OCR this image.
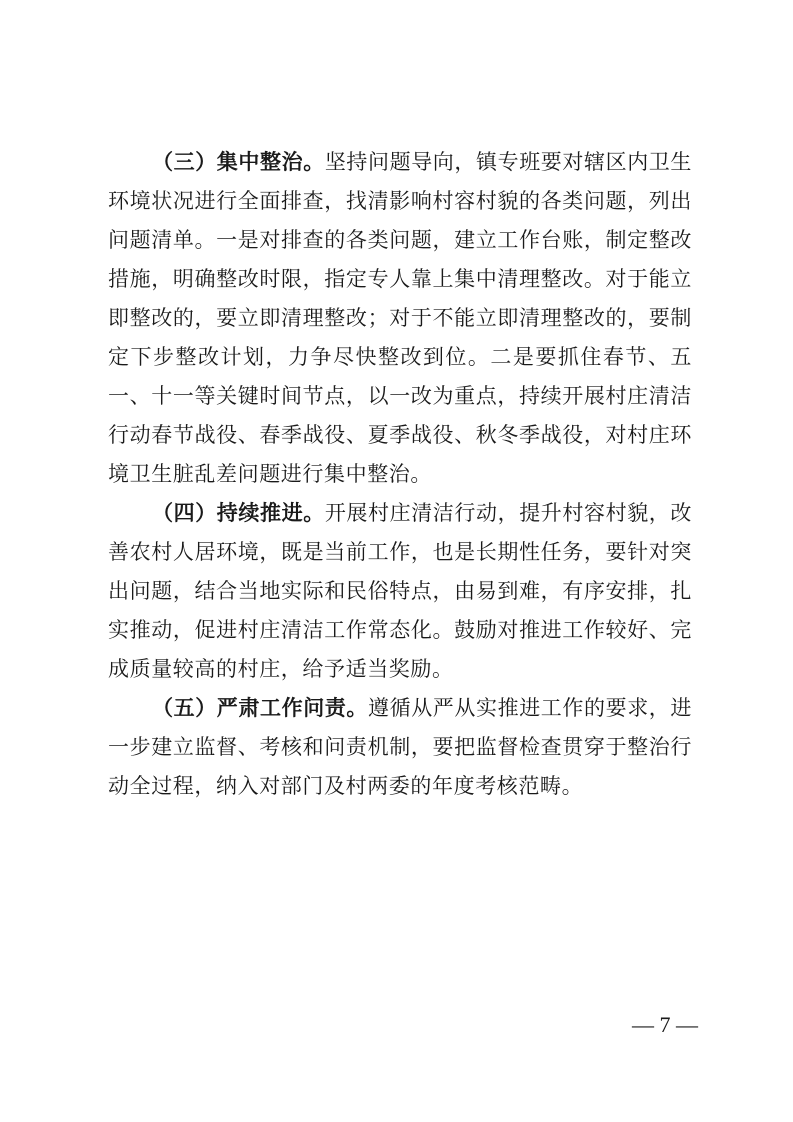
（三）集中整治。坚持问题导向，镇专班要对辖区内卫生环境状况进行全面排查，找清影响村容村貌的各类问题，列出问题清单。一是对排查的各类问题，建立工作台账，制定整改措施，明确整改时限，指定专人靠上集中清理整改。对于能立即整改的，要立即清理整改；对于不能立即清理整改的，要制定下步整改计划，力争尽快整改到位。二是要抓住春节、五一、十一等关键时间节点，以一改为重点，持续开展村庄清洁行动春节战役、春季战役、夏季战役、秋冬季战役，对村庄环境卫生脏乱差问题进行集中整治。

（四）持续推进。开展村庄清洁行动，提升村容村貌，改善农村人居环境，既是当前工作，也是长期性任务，要针对突出问题，结合当地实际和民俗特点，由易到难，有序安排，扎实推动，促进村庄清洁工作常态化。鼓励对推进工作较好、完成质量较高的村庄，给予适当奖励。

（五）严肃工作问责。遵循从严从实推进工作的要求，进一步建立监督、考核和问责机制，要把监督检查贯穿于整治行动全过程，纳入对部门及村两委的年度考核范畴。

— 7 —
